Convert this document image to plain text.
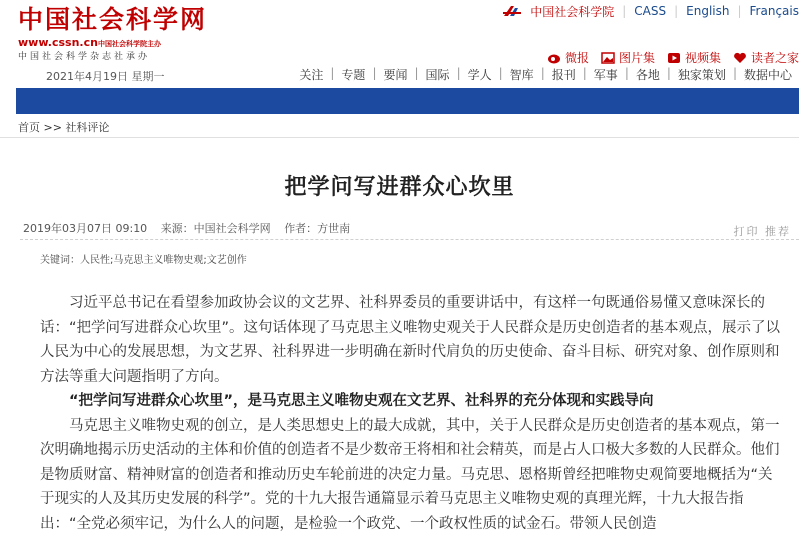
中国社会科学网
www.cssn.cn中国社会科学院主办
中国社会科学杂志社承办
2021年4月19日 星期一
中国社会科学院 | CASS | English | Français
微报	图片集	视频集	读者之家
关注 | 专题 | 要闻 | 国际 | 学人 | 智库 | 报刊 | 军事 | 各地 | 独家策划 | 数据中心
首页 >> 社科评论
把学问写进群众心坎里
2019年03月07日 09:10 来源：中国社会科学网 作者：方世南	打印 推荐
关键词：人民性;马克思主义唯物史观;文艺创作

习近平总书记在看望参加政协会议的文艺界、社科界委员的重要讲话中，有这样一句既通俗易懂又意味深长的话：“把学问写进群众心坎里”。这句话体现了马克思主义唯物史观关于人民群众是历史创造者的基本观点，展示了以人民为中心的发展思想，为文艺界、社科界进一步明确在新时代肩负的历史使命、奋斗目标、研究对象、创作原则和方法等重大问题指明了方向。

“把学问写进群众心坎里”，是马克思主义唯物史观在文艺界、社科界的充分体现和实践导向

马克思主义唯物史观的创立，是人类思想史上的最大成就，其中，关于人民群众是历史创造者的基本观点，第一次明确地揭示历史活动的主体和价值的创造者不是少数帝王将相和社会精英，而是占人口极大多数的人民群众。他们是物质财富、精神财富的创造者和推动历史车轮前进的决定力量。马克思、恩格斯曾经把唯物史观简要地概括为“关于现实的人及其历史发展的科学”。党的十九大报告通篇显示着马克思主义唯物史观的真理光辉，十九大报告指出：“全党必须牢记，为什么人的问题，是检验一个政党、一个政权性质的试金石。带领人民创造
